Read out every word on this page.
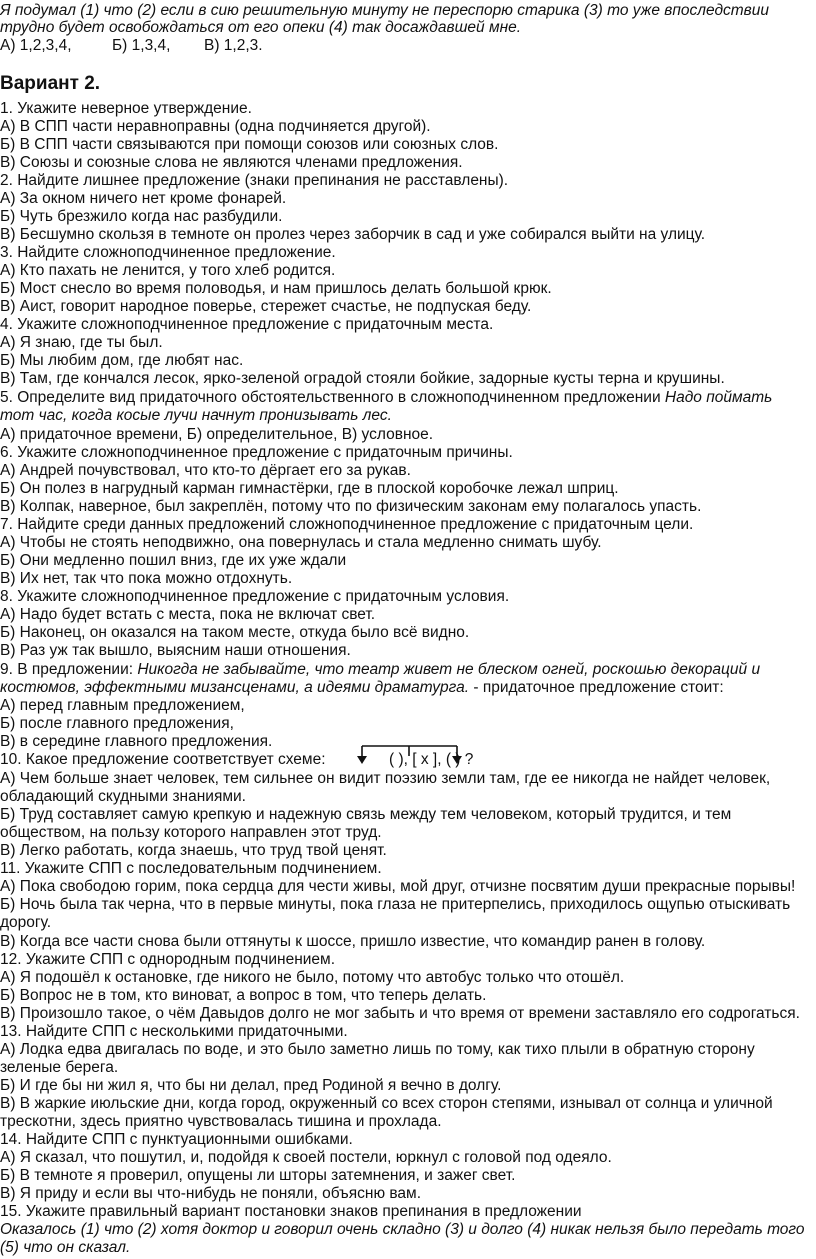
Я подумал (1) что (2) если в сию решительную минуту не переспорю старика (3) то уже впоследствии
трудно будет освобождаться от его опеки (4) так досаждавшей мне.
А) 1,2,3,4,	Б) 1,3,4, В) 1,2,3.
Вариант 2.
1. Укажите неверное утверждение.
А) В СПП части неравноправны (одна подчиняется другой).
Б) В СПП части связываются при помощи союзов или союзных слов.
В) Союзы и союзные слова не являются членами предложения.
2. Найдите лишнее предложение (знаки препинания не расставлены).
А) За окном ничего нет кроме фонарей.
Б) Чуть брезжило когда нас разбудили.
В) Бесшумно скользя в темноте он пролез через заборчик в сад и уже собирался выйти на улицу.
3. Найдите сложноподчиненное предложение.
А) Кто пахать не ленится, у того хлеб родится.
Б) Мост снесло во время половодья, и нам пришлось делать большой крюк.
В) Аист, говорит народное поверье, стережет счастье, не подпуская беду.
4. Укажите сложноподчиненное предложение с придаточным места.
А) Я знаю, где ты был.
Б) Мы любим дом, где любят нас.
В) Там, где кончался лесок, ярко-зеленой оградой стояли бойкие, задорные кусты терна и крушины.
5. Определите вид придаточного обстоятельственного в сложноподчиненном предложении Надо поймать
тот час, когда косые лучи начнут пронизывать лес.
А) придаточное времени, Б) определительное, В) условное.
6. Укажите сложноподчиненное предложение с придаточным причины.
А) Андрей почувствовал, что кто-то дёргает его за рукав.
Б) Он полез в нагрудный карман гимнастёрки, где в плоской коробочке лежал шприц.
В) Колпак, наверное, был закреплён, потому что по физическим законам ему полагалось упасть.
7. Найдите среди данных предложений сложноподчиненное предложение с придаточным цели.
А) Чтобы не стоять неподвижно, она повернулась и стала медленно снимать шубу.
Б) Они медленно пошил вниз, где их уже ждали
В) Их нет, так что пока можно отдохнуть.
8. Укажите сложноподчиненное предложение с придаточным условия.
А) Надо будет встать с места, пока не включат свет.
Б) Наконец, он оказался на таком месте, откуда было всё видно.
В) Раз уж так вышло, выясним наши отношения.
9. В предложении: Никогда не забывайте, что театр живет не блеском огней, роскошью декораций и
костюмов, эффектными мизансценами, а идеями драматурга. - придаточное предложение стоит:
А) перед главным предложением,
Б) после главного предложения,
В) в середине главного предложения.
10. Какое предложение соответствует схеме:	( ), [ х ], ( ) ?
А) Чем больше знает человек, тем сильнее он видит поэзию земли там, где ее никогда не найдет человек,
обладающий скудными знаниями.
Б) Труд составляет самую крепкую и надежную связь между тем человеком, который трудится, и тем
обществом, на пользу которого направлен этот труд.
В) Легко работать, когда знаешь, что труд твой ценят.
11. Укажите СПП с последовательным подчинением.
А) Пока свободою горим, пока сердца для чести живы, мой друг, отчизне посвятим души прекрасные порывы!
Б) Ночь была так черна, что в первые минуты, пока глаза не притерпелись, приходилось ощупью отыскивать
дорогу.
В) Когда все части снова были оттянуты к шоссе, пришло известие, что командир ранен в голову.
12. Укажите СПП с однородным подчинением.
А) Я подошёл к остановке, где никого не было, потому что автобус только что отошёл.
Б) Вопрос не в том, кто виноват, а вопрос в том, что теперь делать.
В) Произошло такое, о чём Давыдов долго не мог забыть и что время от времени заставляло его содрогаться.
13. Найдите СПП с несколькими придаточными.
А) Лодка едва двигалась по воде, и это было заметно лишь по тому, как тихо плыли в обратную сторону
зеленые берега.
Б) И где бы ни жил я, что бы ни делал, пред Родиной я вечно в долгу.
В) В жаркие июльские дни, когда город, окруженный со всех сторон степями, изнывал от солнца и уличной
трескотни, здесь приятно чувствовалась тишина и прохлада.
14. Найдите СПП с пунктуационными ошибками.
А) Я сказал, что пошутил, и, подойдя к своей постели, юркнул с головой под одеяло.
Б) В темноте я проверил, опущены ли шторы затемнения, и зажег свет.
В) Я приду и если вы что-нибудь не поняли, объясню вам.
15. Укажите правильный вариант постановки знаков препинания в предложении
Оказалось (1) что (2) хотя доктор и говорил очень складно (3) и долго (4) никак нельзя было передать того
(5) что он сказал.
